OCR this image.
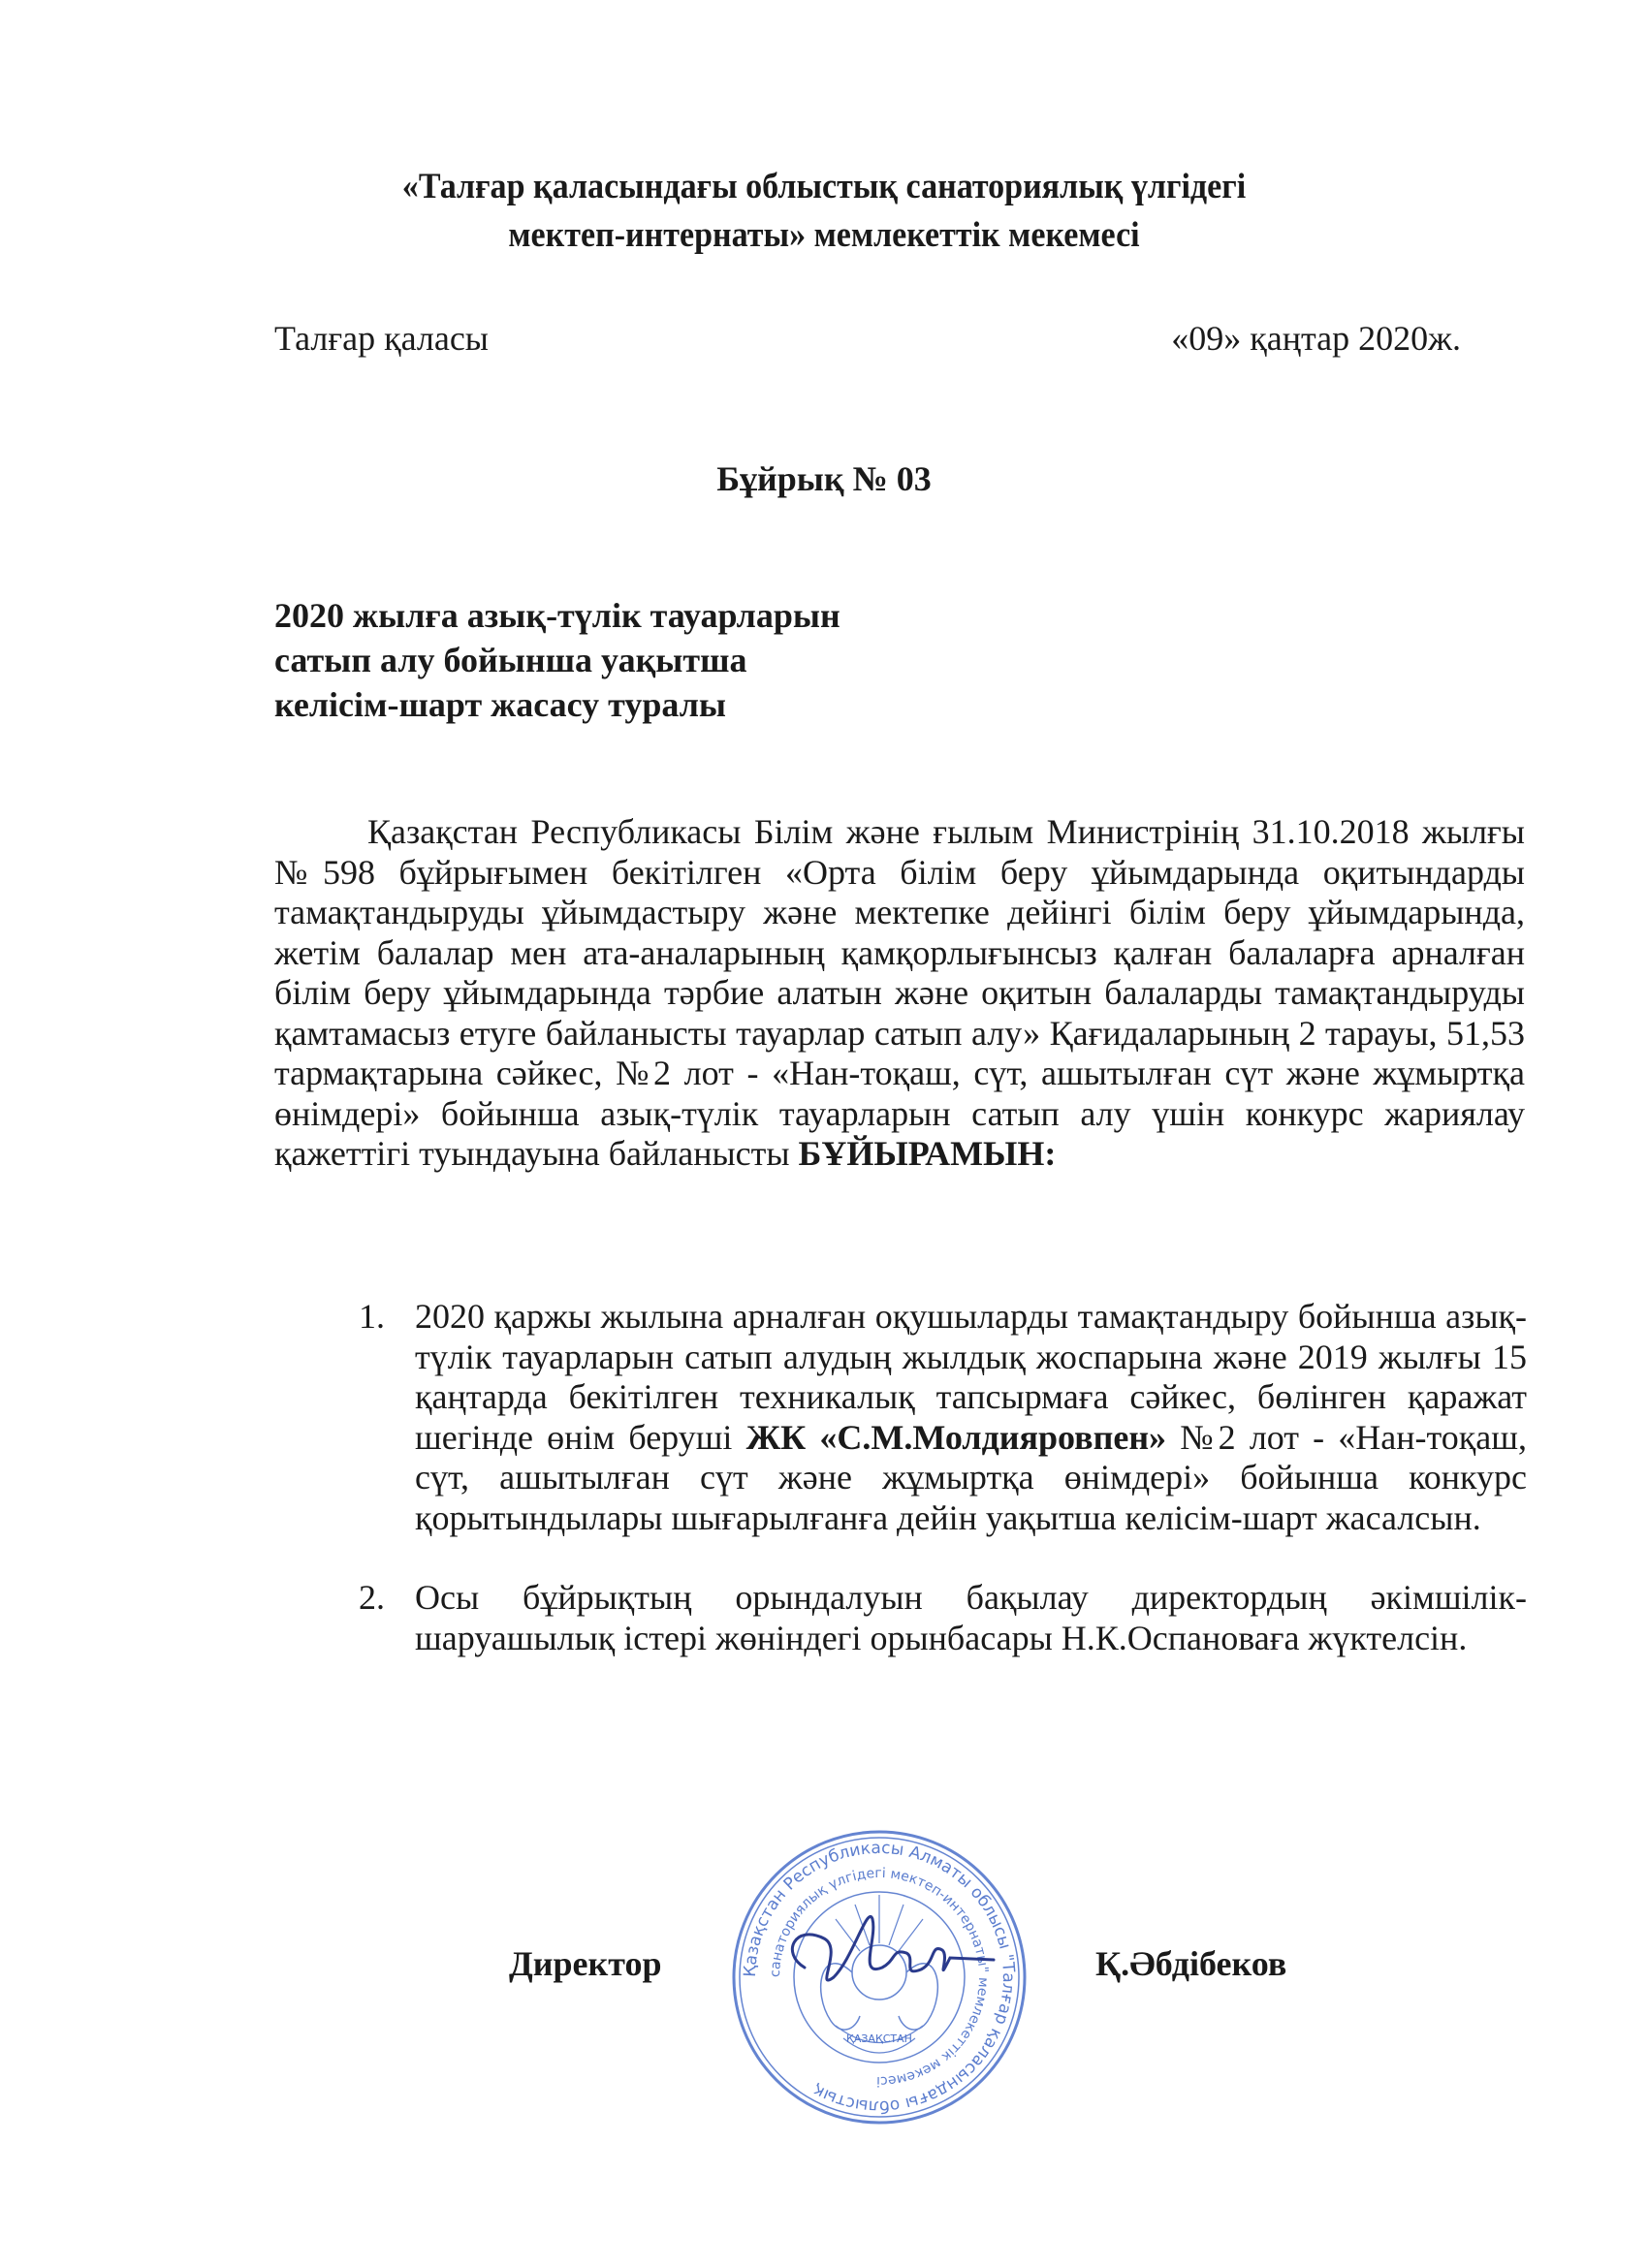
«Талғар қаласындағы облыстық санаториялық үлгідегі
мектеп-интернаты» мемлекеттік мекемесі
Талғар қаласы	«09» қаңтар 2020ж.
Бұйрық № 03
2020 жылға азық-түлік тауарларын
сатып алу бойынша уақытша
келісім-шарт жасасу туралы
Қазақстан Республикасы Білім және ғылым Министрінің 31.10.2018 жылғы №598 бұйрығымен бекітілген «Орта білім беру ұйымдарында оқитындарды тамақтандыруды ұйымдастыру және мектепке дейінгі білім беру ұйымдарында, жетім балалар мен ата-аналарының қамқорлығынсыз қалған балаларға арналған білім беру ұйымдарында тәрбие алатын және оқитын балаларды тамақтандыруды қамтамасыз етуге байланысты тауарлар сатып алу» Қағидаларының 2 тарауы, 51,53 тармақтарына сәйкес, №2 лот - «Нан-тоқаш, сүт, ашытылған сүт және жұмыртқа өнімдері» бойынша азық-түлік тауарларын сатып алу үшін конкурс жариялау қажеттігі туындауына байланысты БҰЙЫРАМЫН:
1. 2020 қаржы жылына арналған оқушыларды тамақтандыру бойынша азық-түлік тауарларын сатып алудың жылдық жоспарына және 2019 жылғы 15 қаңтарда бекітілген техникалық тапсырмаға сәйкес, бөлінген қаражат шегінде өнім беруші ЖК «С.М.Молдияровпен» №2 лот - «Нан-тоқаш, сүт, ашытылған сүт және жұмыртқа өнімдері» бойынша конкурс қорытындылары шығарылғанға дейін уақытша келісім-шарт жасалсын.
2. Осы бұйрықтың орындалуын бақылау директордың әкімшілік-шаруашылық істері жөніндегі орынбасары Н.К.Оспановаға жүктелсін.
Директор	Қ.Әбдібеков
Қазақстан Республикасы Алматы облысы "Талғар қаласындағы облыстық
санаториялық үлгідегі мектеп-интернаты" мемлекеттік мекемесі
ҚАЗАҚСТАН
